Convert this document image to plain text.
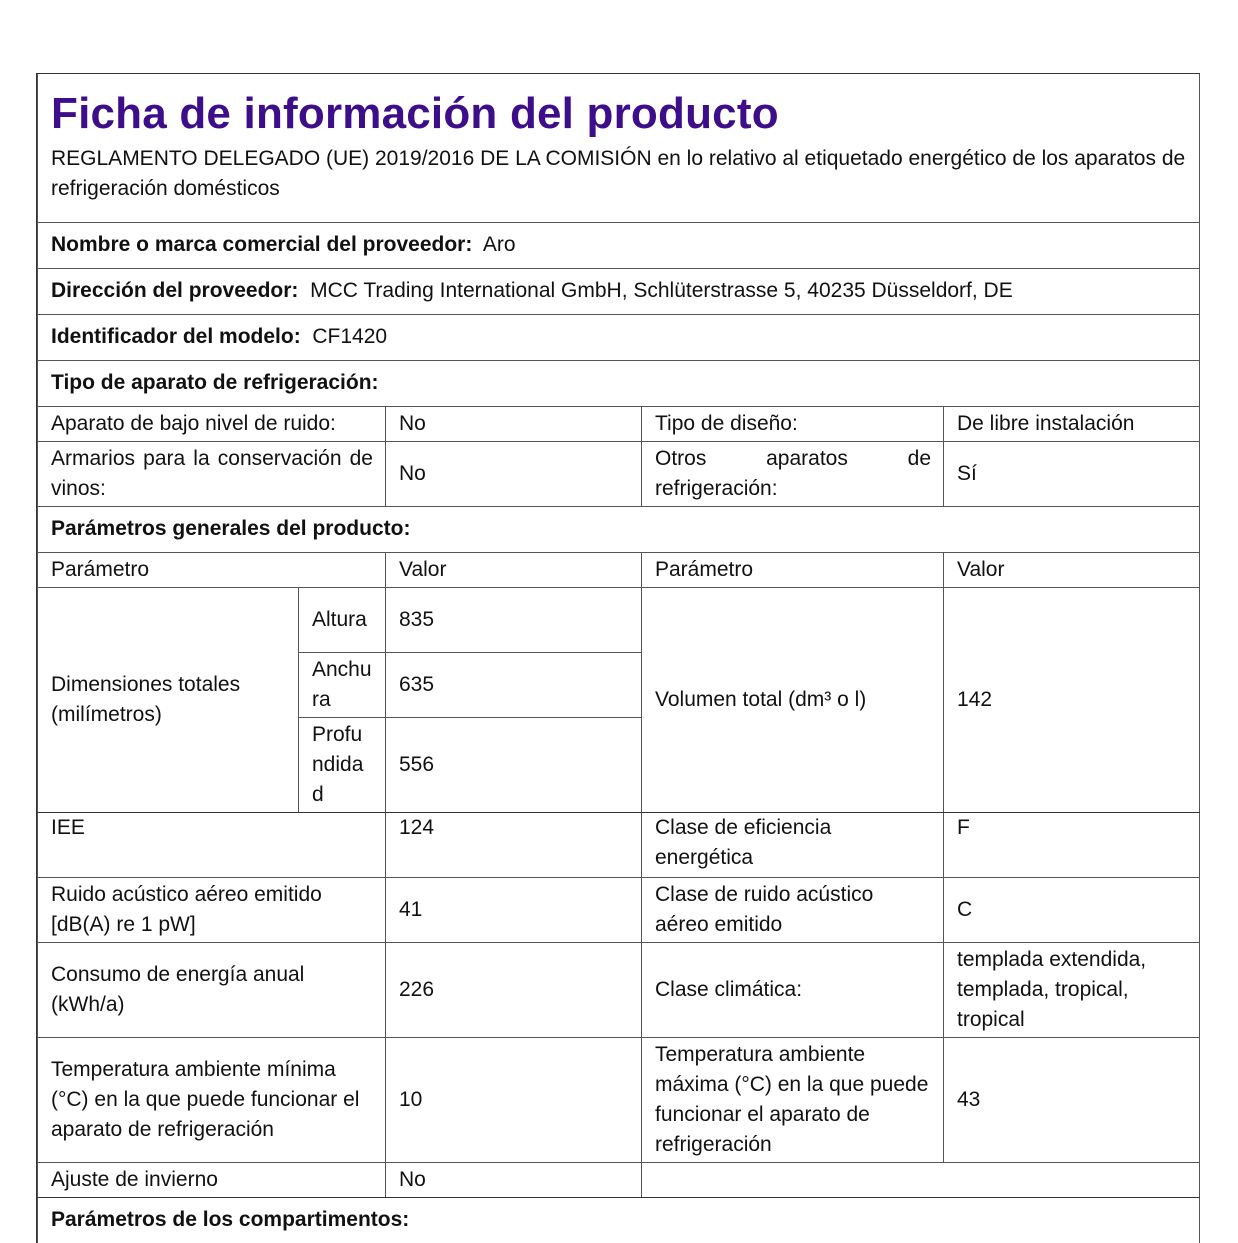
Ficha de información del producto
REGLAMENTO DELEGADO (UE) 2019/2016 DE LA COMISIÓN en lo relativo al etiquetado energético de los aparatos de refrigeración domésticos				

Nombre o marca comercial del proveedor: Aro				
Dirección del proveedor: MCC Trading International GmbH, Schlüterstrasse 5, 40235 Düsseldorf, DE				
Identificador del modelo: CF1420				
Tipo de aparato de refrigeración:				
Aparato de bajo nivel de ruido:		No	Tipo de diseño:	De libre instalación
Armarios para la conservación de vinos:		No	Otros aparatos de refrigeración:	Sí
Parámetros generales del producto:				
Parámetro		Valor	Parámetro	Valor
Dimensiones totales (milímetros)	Altura	835	Volumen total (dm³ o l)	142
	Anchura	635		
	Profundidad	556		
IEE		124	Clase de eficiencia energética	F
Ruido acústico aéreo emitido [dB(A) re 1 pW]		41	Clase de ruido acústico aéreo emitido	C
Consumo de energía anual (kWh/a)		226	Clase climática:	templada extendida, templada, tropical, tropical
Temperatura ambiente mínima (°C) en la que puede funcionar el aparato de refrigeración		10	Temperatura ambiente máxima (°C) en la que puede funcionar el aparato de refrigeración	43
Ajuste de invierno		No		
Parámetros de los compartimentos:				
